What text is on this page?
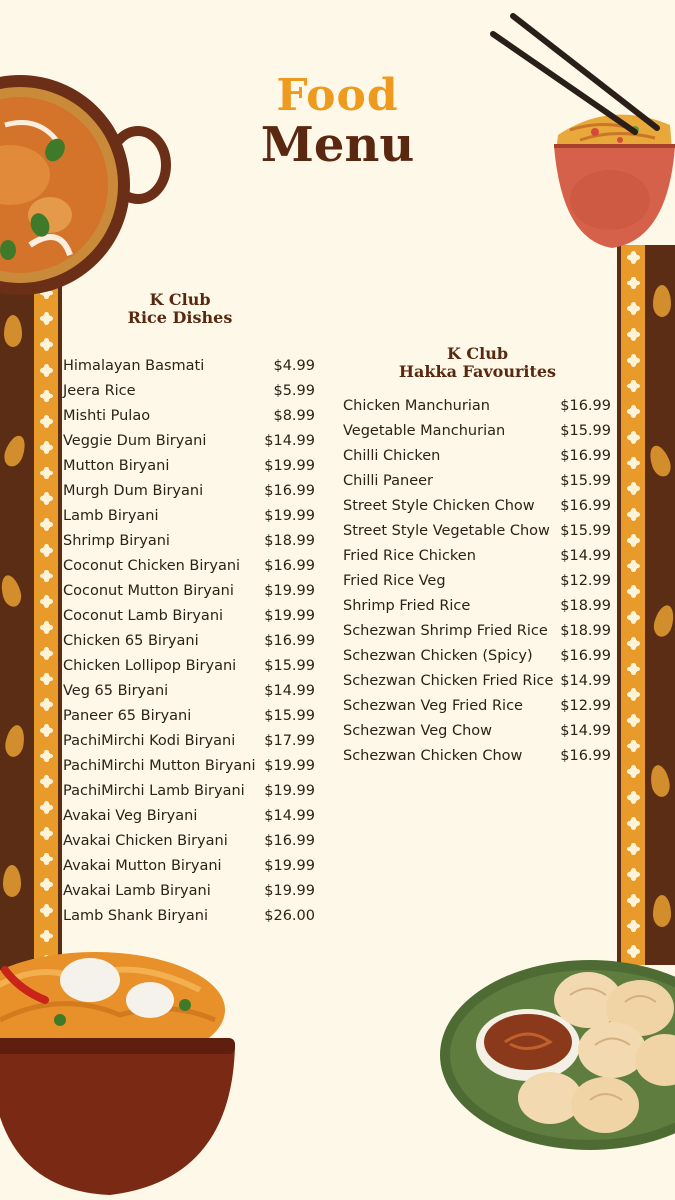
Food
Menu
K Club
Rice Dishes
Himalayan Basmati	$4.99
Jeera Rice	$5.99
Mishti Pulao	$8.99
Veggie Dum Biryani	$14.99
Mutton Biryani	$19.99
Murgh Dum Biryani	$16.99
Lamb Biryani	$19.99
Shrimp Biryani	$18.99
Coconut Chicken Biryani $16.99
Coconut Mutton Biryani $19.99
Coconut Lamb Biryani	$19.99
Chicken 65 Biryani	$16.99
Chicken Lollipop Biryani $15.99
Veg 65 Biryani	$14.99
Paneer 65 Biryani	$15.99
PachiMirchi Kodi Biryani $17.99
PachiMirchi Mutton Biryani $19.99
PachiMirchi Lamb Biryani $19.99
Avakai Veg Biryani	$14.99
Avakai Chicken Biryani	$16.99
Avakai Mutton Biryani	$19.99
Avakai Lamb Biryani	$19.99
Lamb Shank Biryani	$26.00
K Club
Hakka Favourites
Chicken Manchurian	$16.99
Vegetable Manchurian	$15.99
Chilli Chicken	$16.99
Chilli Paneer	$15.99
Street Style Chicken Chow $16.99
Street Style Vegetable Chow $15.99
Fried Rice Chicken	$14.99
Fried Rice Veg	$12.99
Shrimp Fried Rice	$18.99
Schezwan Shrimp Fried Rice $18.99
Schezwan Chicken (Spicy) $16.99
Schezwan Chicken Fried Rice $14.99
Schezwan Veg Fried Rice	$12.99
Schezwan Veg Chow	$14.99
Schezwan Chicken Chow	$16.99
